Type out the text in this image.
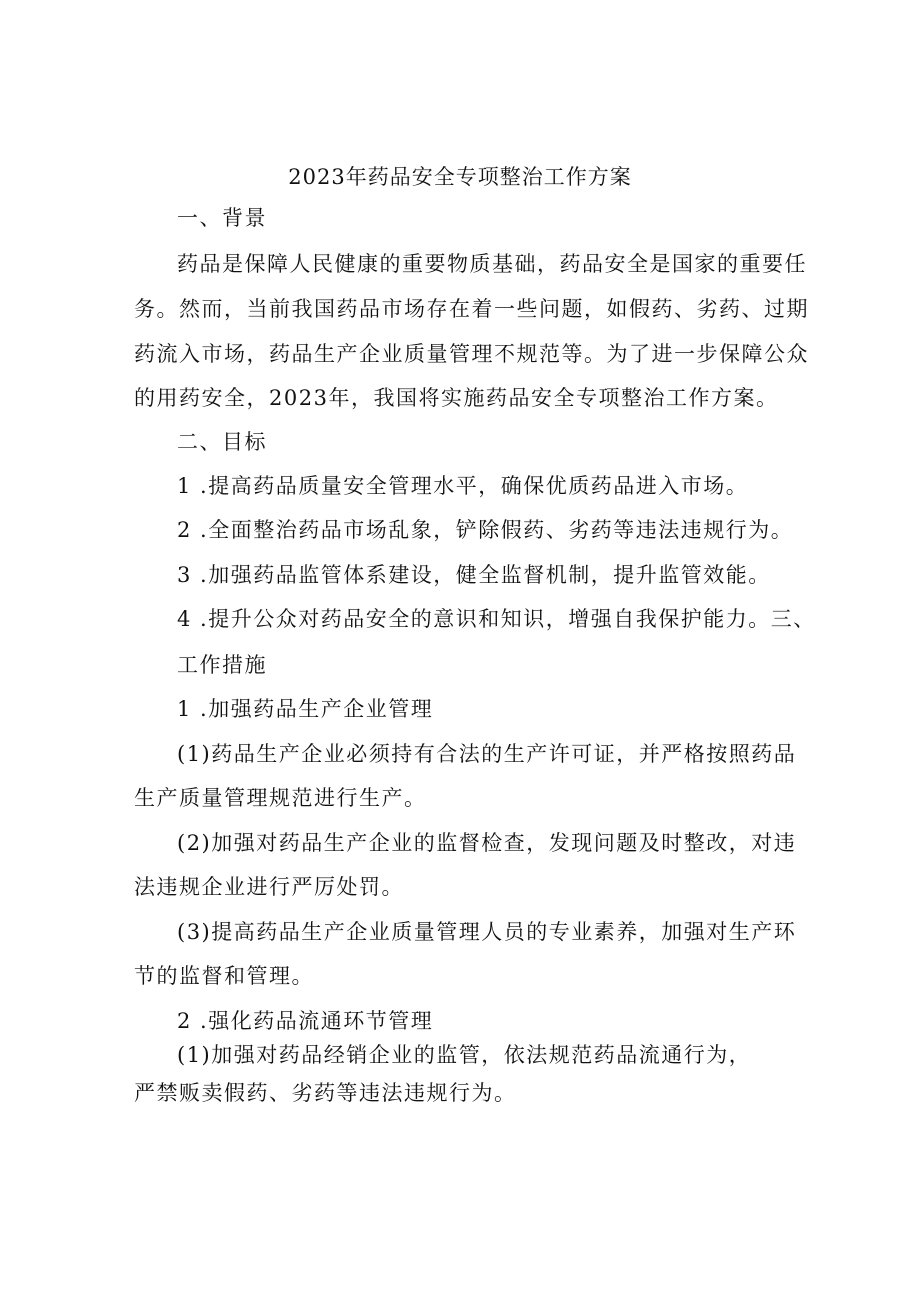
2023年药品安全专项整治工作方案
一、背景
药品是保障人民健康的重要物质基础，药品安全是国家的重要任
务。然而，当前我国药品市场存在着一些问题，如假药、劣药、过期
药流入市场，药品生产企业质量管理不规范等。为了进一步保障公众
的用药安全，2023年，我国将实施药品安全专项整治工作方案。
二、目标
1 .提高药品质量安全管理水平，确保优质药品进入市场。
2 .全面整治药品市场乱象，铲除假药、劣药等违法违规行为。
3 .加强药品监管体系建设，健全监督机制，提升监管效能。
4 .提升公众对药品安全的意识和知识，增强自我保护能力。三、
工作措施
1 .加强药品生产企业管理
(1)药品生产企业必须持有合法的生产许可证，并严格按照药品
生产质量管理规范进行生产。
(2)加强对药品生产企业的监督检查，发现问题及时整改，对违
法违规企业进行严厉处罚。
(3)提高药品生产企业质量管理人员的专业素养，加强对生产环
节的监督和管理。
2 .强化药品流通环节管理
(1)加强对药品经销企业的监管，依法规范药品流通行为，
严禁贩卖假药、劣药等违法违规行为。
